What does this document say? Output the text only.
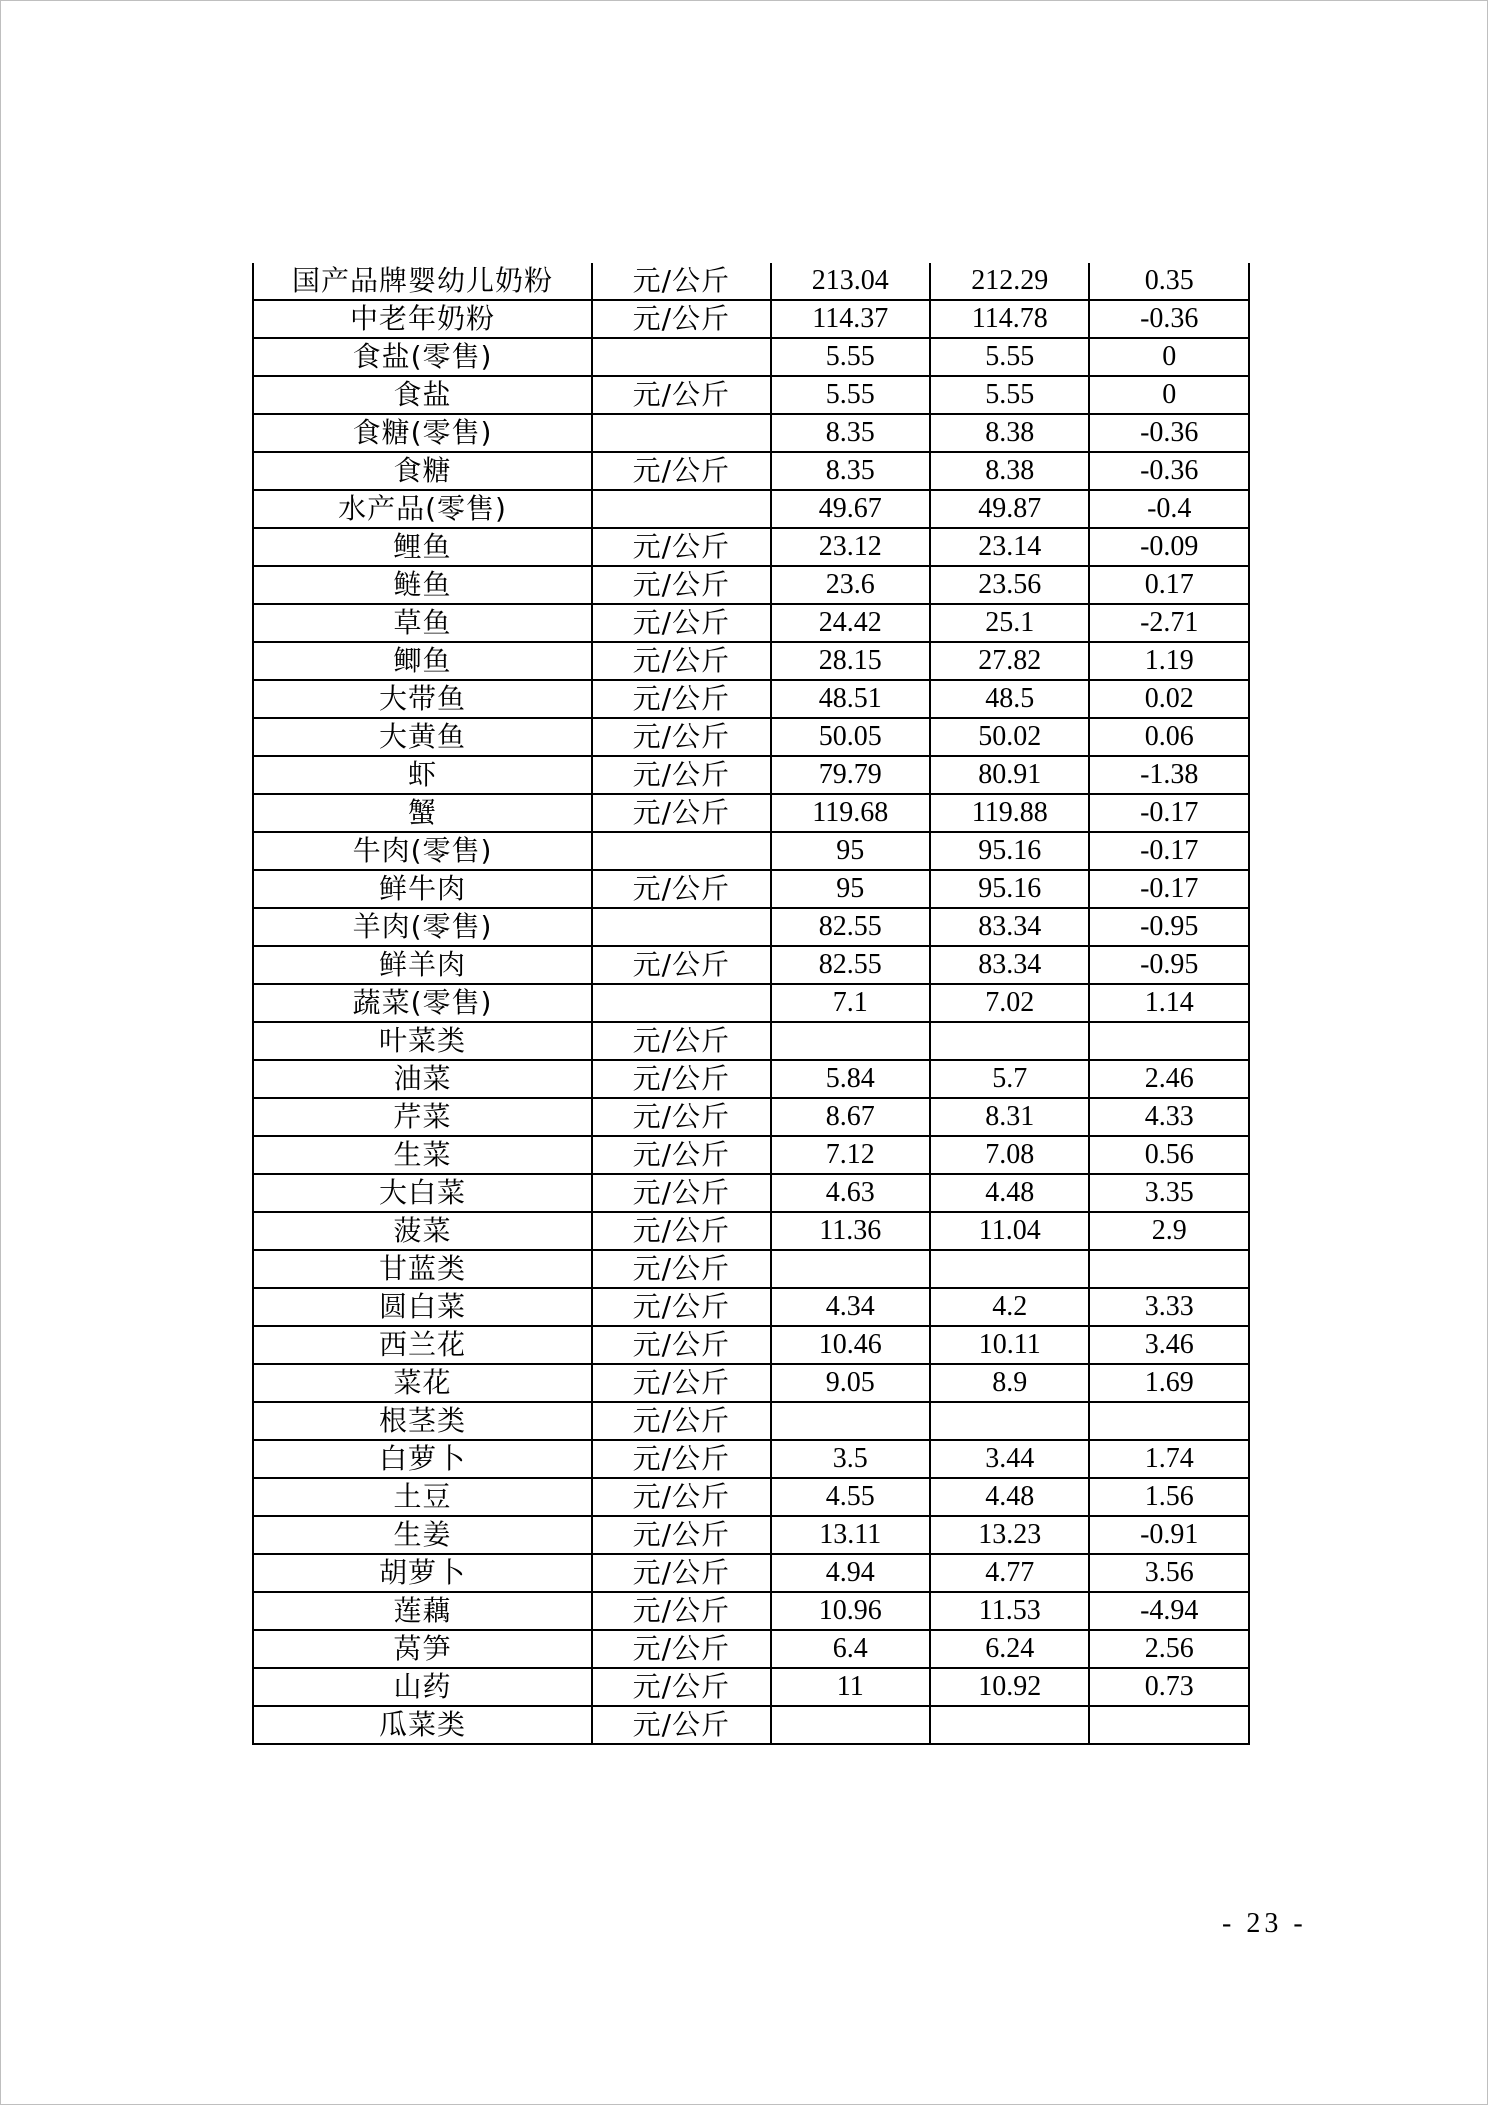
国产品牌婴幼儿奶粉	元/公斤	213.04	212.29	0.35
中老年奶粉	元/公斤	114.37	114.78	-0.36
食盐(零售)		5.55	5.55	0
食盐	元/公斤	5.55	5.55	0
食糖(零售)		8.35	8.38	-0.36
食糖	元/公斤	8.35	8.38	-0.36
水产品(零售)		49.67	49.87	-0.4
鲤鱼	元/公斤	23.12	23.14	-0.09
鲢鱼	元/公斤	23.6	23.56	0.17
草鱼	元/公斤	24.42	25.1	-2.71
鲫鱼	元/公斤	28.15	27.82	1.19
大带鱼	元/公斤	48.51	48.5	0.02
大黄鱼	元/公斤	50.05	50.02	0.06
虾	元/公斤	79.79	80.91	-1.38
蟹	元/公斤	119.68	119.88	-0.17
牛肉(零售)		95	95.16	-0.17
鲜牛肉	元/公斤	95	95.16	-0.17
羊肉(零售)		82.55	83.34	-0.95
鲜羊肉	元/公斤	82.55	83.34	-0.95
蔬菜(零售)		7.1	7.02	1.14
叶菜类	元/公斤			
油菜	元/公斤	5.84	5.7	2.46
芹菜	元/公斤	8.67	8.31	4.33
生菜	元/公斤	7.12	7.08	0.56
大白菜	元/公斤	4.63	4.48	3.35
菠菜	元/公斤	11.36	11.04	2.9
甘蓝类	元/公斤			
圆白菜	元/公斤	4.34	4.2	3.33
西兰花	元/公斤	10.46	10.11	3.46
菜花	元/公斤	9.05	8.9	1.69
根茎类	元/公斤			
白萝卜	元/公斤	3.5	3.44	1.74
土豆	元/公斤	4.55	4.48	1.56
生姜	元/公斤	13.11	13.23	-0.91
胡萝卜	元/公斤	4.94	4.77	3.56
莲藕	元/公斤	10.96	11.53	-4.94
莴笋	元/公斤	6.4	6.24	2.56
山药	元/公斤	11	10.92	0.73
瓜菜类	元/公斤			
- 23 -
